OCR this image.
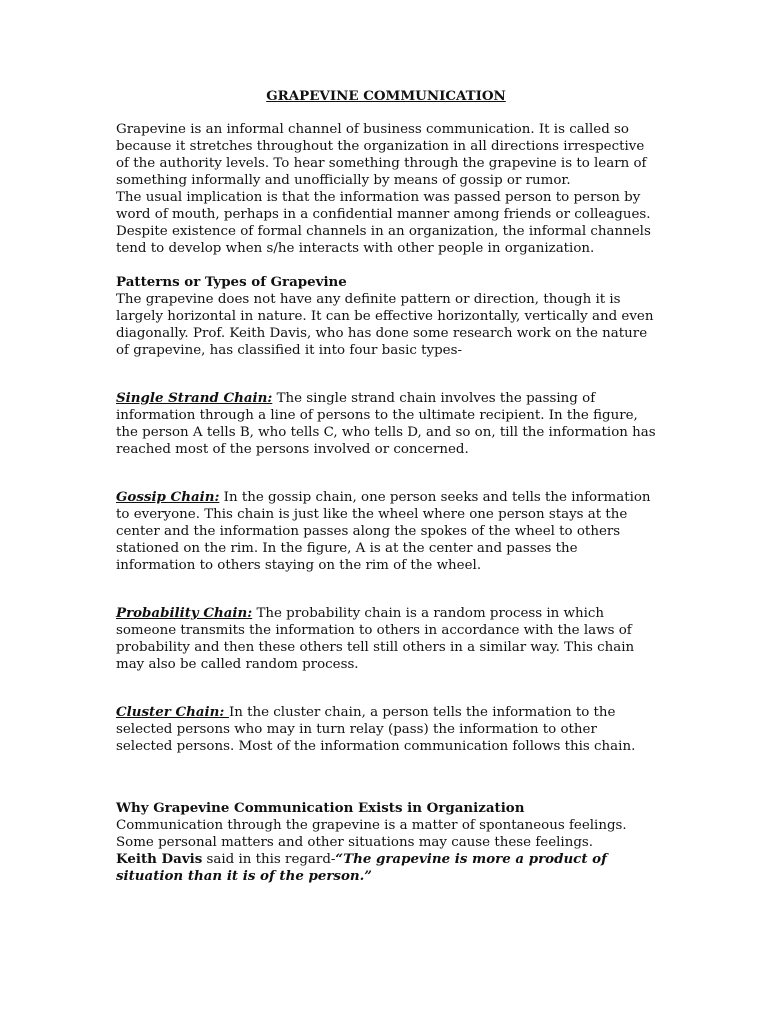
GRAPEVINE COMMUNICATION

Grapevine is an informal channel of business communication. It is called so because it stretches throughout the organization in all directions irrespective of the authority levels. To hear something through the grapevine is to learn of something informally and unofficially by means of gossip or rumor.

The usual implication is that the information was passed person to person by word of mouth, perhaps in a confidential manner among friends or colleagues.

Despite existence of formal channels in an organization, the informal channels tend to develop when s/he interacts with other people in organization.

Patterns or Types of Grapevine

The grapevine does not have any definite pattern or direction, though it is largely horizontal in nature. It can be effective horizontally, vertically and even diagonally. Prof. Keith Davis, who has done some research work on the nature of grapevine, has classified it into four basic types-

Single Strand Chain: The single strand chain involves the passing of information through a line of persons to the ultimate recipient. In the figure, the person A tells B, who tells C, who tells D, and so on, till the information has reached most of the persons involved or concerned.

Gossip Chain: In the gossip chain, one person seeks and tells the information to everyone. This chain is just like the wheel where one person stays at the center and the information passes along the spokes of the wheel to others stationed on the rim. In the figure, A is at the center and passes the information to others staying on the rim of the wheel.

Probability Chain: The probability chain is a random process in which someone transmits the information to others in accordance with the laws of probability and then these others tell still others in a similar way. This chain may also be called random process.

Cluster Chain: In the cluster chain, a person tells the information to the selected persons who may in turn relay (pass) the information to other selected persons. Most of the information communication follows this chain.

Why Grapevine Communication Exists in Organization

Communication through the grapevine is a matter of spontaneous feelings. Some personal matters and other situations may cause these feelings.

Keith Davis said in this regard-“The grapevine is more a product of situation than it is of the person.”
